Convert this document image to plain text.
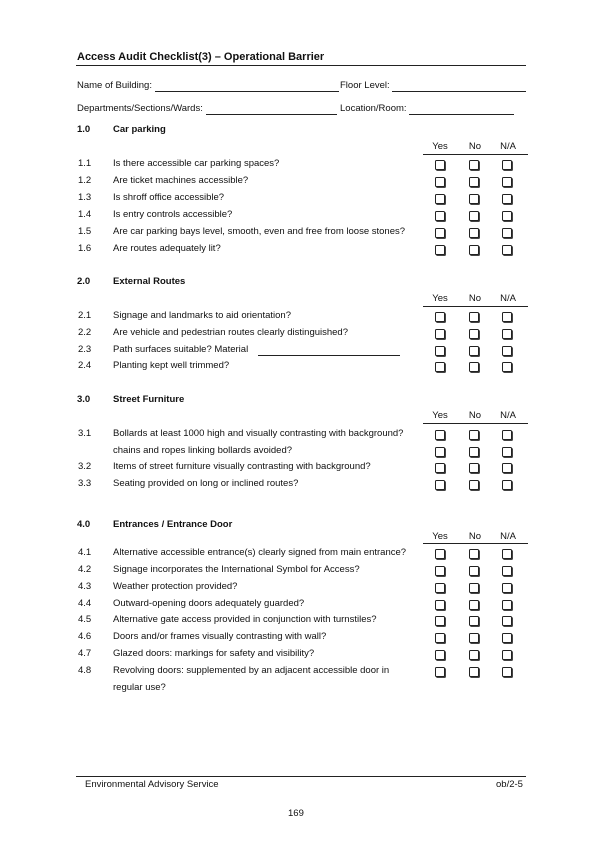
Access Audit Checklist(3) – Operational Barrier
Name of Building:	Floor Level:
Departments/Sections/Wards:	Location/Room:
1.0 Car parking
Yes	No	N/A
1.1 Is there accessible car parking spaces?
1.2 Are ticket machines accessible?
1.3 Is shroff office accessible?
1.4 Is entry controls accessible?
1.5 Are car parking bays level, smooth, even and free from loose stones?
1.6 Are routes adequately lit?
2.0 External Routes
Yes	No	N/A
2.1 Signage and landmarks to aid orientation?
2.2 Are vehicle and pedestrian routes clearly distinguished?
2.3 Path surfaces suitable? Material
2.4 Planting kept well trimmed?
3.0 Street Furniture
Yes	No	N/A
3.1 Bollards at least 1000 high and visually contrasting with background?
chains and ropes linking bollards avoided?
3.2 Items of street furniture visually contrasting with background?
3.3 Seating provided on long or inclined routes?
4.0 Entrances / Entrance Door
Yes	No	N/A
4.1 Alternative accessible entrance(s) clearly signed from main entrance?
4.2 Signage incorporates the International Symbol for Access?
4.3 Weather protection provided?
4.4 Outward-opening doors adequately guarded?
4.5 Alternative gate access provided in conjunction with turnstiles?
4.6 Doors and/or frames visually contrasting with wall?
4.7 Glazed doors: markings for safety and visibility?
4.8 Revolving doors: supplemented by an adjacent accessible door in
regular use?
Environmental Advisory Service	ob/2-5
169
